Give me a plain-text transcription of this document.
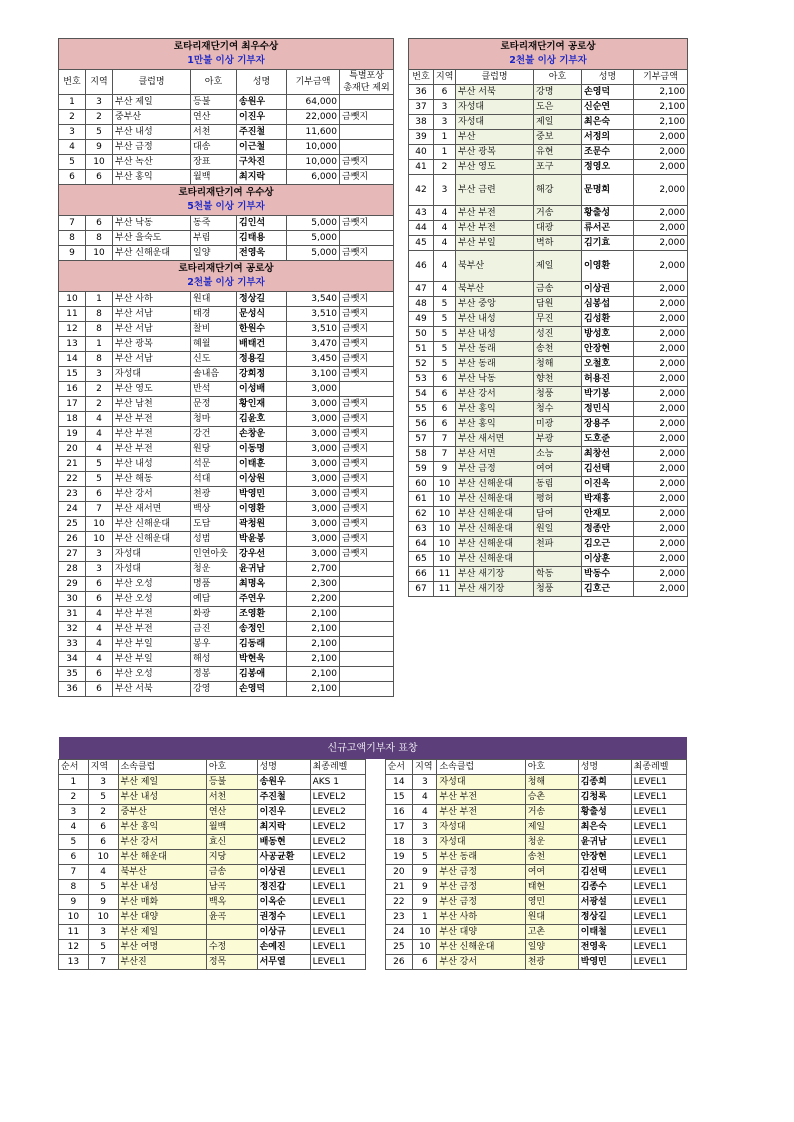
로타리재단기여 최우수상
1만불 이상 기부자						

번호	지역	클럽명	아호	성명	기부금액	특별포상
총재단 제외
1	3	부산 제일	등불	송원우	64,000	
2	2	중부산	연산	이진우	22,000	금뺏지
3	5	부산 내성	서천	주진철	11,600	
4	9	부산 금정	대송	이근철	10,000	
5	10	부산 녹산	장표	구차진	10,000	금뺏지
6	6	부산 홍익	월백	최지락	6,000	금뺏지

로타리재단기여 우수상
5천불 이상 기부자						

7	6	부산 낙동	동죽	김인석	5,000	금뺏지
8	8	부산 을숙도	부림	김태용	5,000	
9	10	부산 신해운대	일양	전영욱	5,000	금뺏지

로타리재단기여 공로상
2천불 이상 기부자						

10	1	부산 사하	원대	정상길	3,540	금뺏지
11	8	부산 서남	태경	문성식	3,510	금뺏지
12	8	부산 서남	찰비	한원수	3,510	금뺏지
13	1	부산 광복	혜월	배태건	3,470	금뺏지
14	8	부산 서남	신도	정용길	3,450	금뺏지
15	3	자성대	솔내음	강희정	3,100	금뺏지
16	2	부산 영도	반석	이성배	3,000	
17	2	부산 남천	문정	황인재	3,000	금뺏지
18	4	부산 부전	청마	김윤호	3,000	금뺏지
19	4	부산 부전	강건	손창운	3,000	금뺏지
20	4	부산 부전	원당	이동명	3,000	금뺏지
21	5	부산 내성	석문	이태훈	3,000	금뺏지
22	5	부산 해동	석대	이상원	3,000	금뺏지
23	6	부산 강서	천광	박영민	3,000	금뺏지
24	7	부산 새서면	백상	이영환	3,000	금뺏지
25	10	부산 신해운대	도담	곽청원	3,000	금뺏지
26	10	부산 신해운대	성범	박윤봉	3,000	금뺏지
27	3	자성대	인연아웃	강우선	3,000	금뺏지
28	3	자성대	청운	윤귀남	2,700	
29	6	부산 오성	명품	최명옥	2,300	
30	6	부산 오성	예담	주연우	2,200	
31	4	부산 부전	화광	조영환	2,100	
32	4	부산 부전	금진	송정인	2,100	
33	4	부산 부일	봉우	김동래	2,100	
34	4	부산 부일	해성	박현욱	2,100	
35	6	부산 오성	정봉	김봉애	2,100	
36	6	부산 서북	강영	손영덕	2,100	
로타리재단기여 공로상
2천불 이상 기부자					

번호	지역	클럽명	아호	성명	기부금액
36	6	부산 서북	강명	손영덕	2,100
37	3	자성대	도은	신순연	2,100
38	3	자성대	제일	최은숙	2,100
39	1	부산	중보	서정의	2,000
40	1	부산 광복	유현	조문수	2,000
41	2	부산 영도	포구	정영오	2,000
42	3	부산 금련	해강	문명희	2,000
43	4	부산 부전	거송	황출성	2,000
44	4	부산 부전	대광	류서곤	2,000
45	4	부산 부일	벽하	김기효	2,000
46	4	북부산	제일	이영환	2,000
47	4	북부산	금송	이상권	2,000
48	5	부산 중앙	담원	심봉섭	2,000
49	5	부산 내성	무진	김성환	2,000
50	5	부산 내성	성진	방성호	2,000
51	5	부산 동래	송천	안장현	2,000
52	5	부산 동래	청해	오철호	2,000
53	6	부산 낙동	향천	허용진	2,000
54	6	부산 강서	청풍	박기봉	2,000
55	6	부산 홍익	청수	정민식	2,000
56	6	부산 홍익	미광	장용주	2,000
57	7	부산 새서면	부광	도호준	2,000
58	7	부산 서면	소능	최창선	2,000
59	9	부산 금정	여여	김선택	2,000
60	10	부산 신해운대	동림	이진욱	2,000
61	10	부산 신해운대	평허	박재홍	2,000
62	10	부산 신해운대	담여	안재모	2,000
63	10	부산 신해운대	원일	정종안	2,000
64	10	부산 신해운대	천파	김오근	2,000
65	10	부산 신해운대		이상훈	2,000
66	11	부산 새기장	학동	박동수	2,000
67	11	부산 새기장	청풍	김호근	2,000
신규고액기부자 표창												
순서	지역	소속클럽	아호	성명	최종레벨		순서	지역	소속클럽	아호	성명	최종레벨
1	3	부산 제일	등불	송원우	AKS 1		14	3	자성대	청해	김종희	LEVEL1
2	5	부산 내성	서천	주진철	LEVEL2		15	4	부산 부전	승촌	김청록	LEVEL1
3	2	중부산	연산	이진우	LEVEL2		16	4	부산 부전	거송	황출성	LEVEL1
4	6	부산 홍익	월백	최지락	LEVEL2		17	3	자성대	제일	최은숙	LEVEL1
5	6	부산 강서	효신	배동현	LEVEL2		18	3	자성대	청운	윤귀남	LEVEL1
6	10	부산 해운대	지당	사공균환	LEVEL2		19	5	부산 동래	송천	안장현	LEVEL1
7	4	북부산	금송	이상권	LEVEL1		20	9	부산 금정	여여	김선택	LEVEL1
8	5	부산 내성	남곡	정진갑	LEVEL1		21	9	부산 금정	태현	김종수	LEVEL1
9	9	부산 매화	백옥	이옥순	LEVEL1		22	9	부산 금정	영민	서광설	LEVEL1
10	10	부산 대양	윤곡	권정수	LEVEL1		23	1	부산 사하	원대	정상길	LEVEL1
11	3	부산 제일		이상규	LEVEL1		24	10	부산 대양	고촌	이태철	LEVEL1
12	5	부산 여명	수정	손예진	LEVEL1		25	10	부산 신해운대	일양	전영욱	LEVEL1
13	7	부산진	정목	서무열	LEVEL1		26	6	부산 강서	천광	박영민	LEVEL1
